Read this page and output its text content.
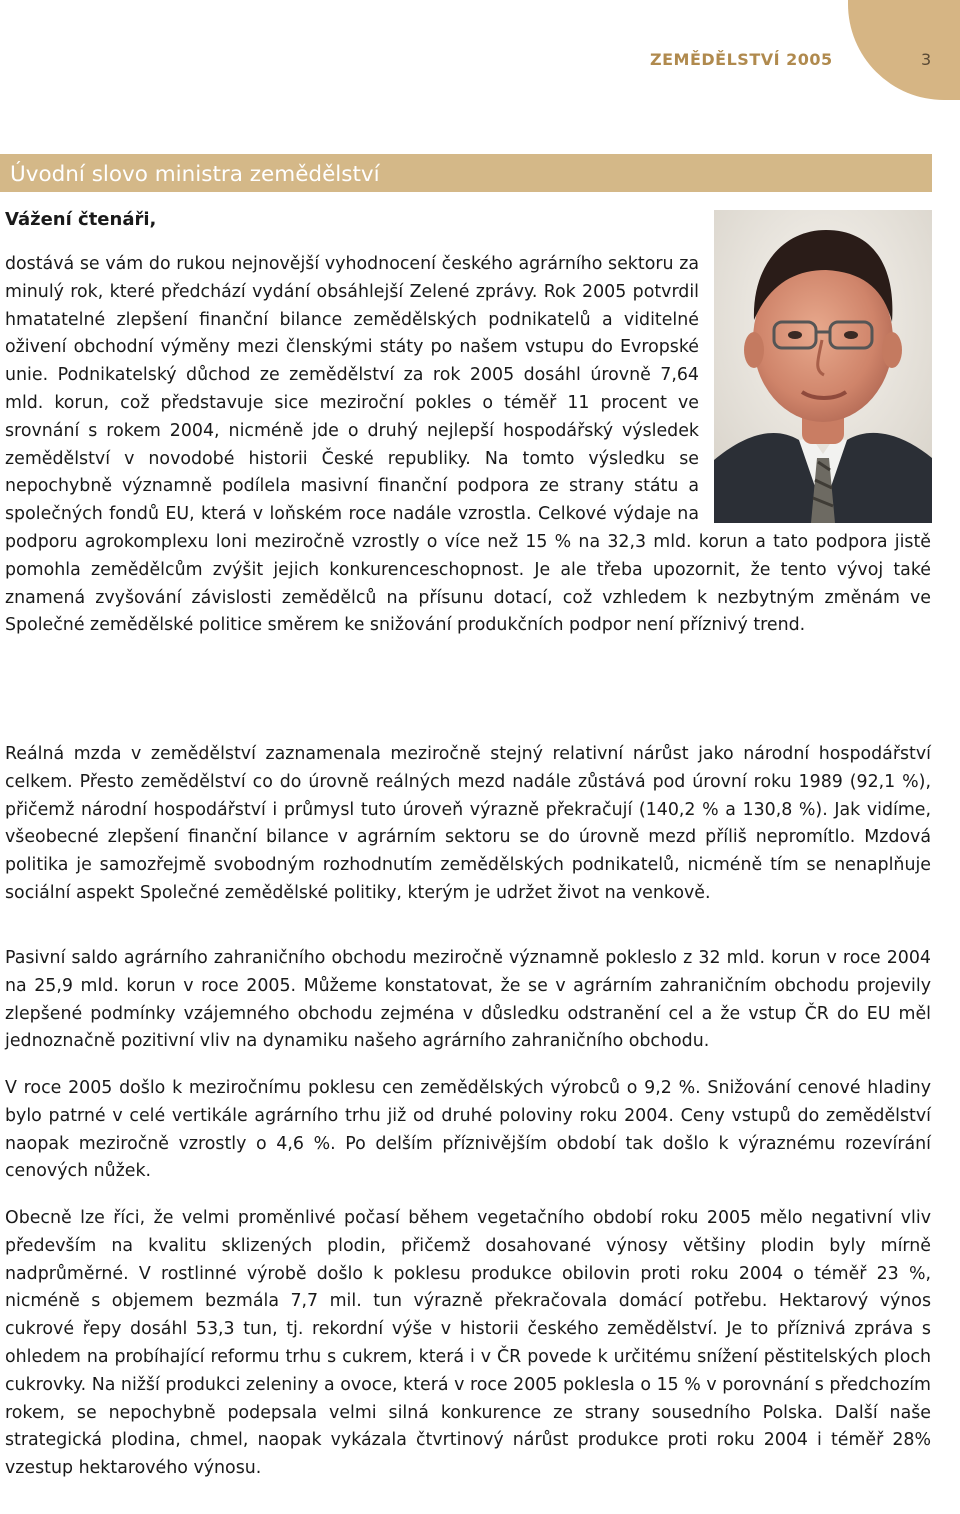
ZEMĚDĚLSTVÍ 2005	3
Úvodní slovo ministra zemědělství
Vážení čtenáři,

dostává se vám do rukou nejnovější vyhodnocení českého agrárního sektoru za minulý rok, které předchází vydání obsáhlejší Zelené zprávy. Rok 2005 potvrdil hmatatelné zlepšení finanční bilance zemědělských podnikatelů a viditelné oživení obchodní výměny mezi členskými státy po našem vstupu do Evropské unie. Podnikatelský důchod ze zemědělství za rok 2005 dosáhl úrovně 7,64 mld. korun, což představuje sice meziroční pokles o téměř 11 procent ve srovnání s rokem 2004, nicméně jde o druhý nejlepší hospodářský výsledek zemědělství v novodobé historii České republiky. Na tomto výsledku se nepochybně významně podílela masivní finanční podpora ze strany státu a společných fondů EU, která v loňském roce nadále vzrostla. Celkové výdaje na podporu agrokomplexu loni meziročně vzrostly o více než 15 % na 32,3 mld. korun a tato podpora jistě pomohla zemědělcům zvýšit jejich konkurenceschopnost. Je ale třeba upozornit, že tento vývoj také znamená zvyšování závislosti zemědělců na přísunu dotací, což vzhledem k nezbytným změnám ve Společné zemědělské politice směrem ke snižování produkčních podpor není příznivý trend.

Reálná mzda v zemědělství zaznamenala meziročně stejný relativní nárůst jako národní hospodářství celkem. Přesto zemědělství co do úrovně reálných mezd nadále zůstává pod úrovní roku 1989 (92,1 %), přičemž národní hospodářství i průmysl tuto úroveň výrazně překračují (140,2 % a 130,8 %). Jak vidíme, všeobecné zlepšení finanční bilance v agrárním sektoru se do úrovně mezd příliš nepromítlo. Mzdová politika je samozřejmě svobodným rozhodnutím zemědělských podnikatelů, nicméně tím se nenaplňuje sociální aspekt Společné zemědělské politiky, kterým je udržet život na venkově.

Pasivní saldo agrárního zahraničního obchodu meziročně významně pokleslo z 32 mld. korun v roce 2004 na 25,9 mld. korun v roce 2005. Můžeme konstatovat, že se v agrárním zahraničním obchodu projevily zlepšené podmínky vzájemného obchodu zejména v důsledku odstranění cel a že vstup ČR do EU měl jednoznačně pozitivní vliv na dynamiku našeho agrárního zahraničního obchodu.

V roce 2005 došlo k meziročnímu poklesu cen zemědělských výrobců o 9,2 %. Snižování cenové hladiny bylo patrné v celé vertikále agrárního trhu již od druhé poloviny roku 2004. Ceny vstupů do zemědělství naopak meziročně vzrostly o 4,6 %. Po delším příznivějším období tak došlo k výraznému rozevírání cenových nůžek.

Obecně lze říci, že velmi proměnlivé počasí během vegetačního období roku 2005 mělo negativní vliv především na kvalitu sklizených plodin, přičemž dosahované výnosy většiny plodin byly mírně nadprůměrné. V rostlinné výrobě došlo k poklesu produkce obilovin proti roku 2004 o téměř 23 %, nicméně s objemem bezmála 7,7 mil. tun výrazně překračovala domácí potřebu. Hektarový výnos cukrové řepy dosáhl 53,3 tun, tj. rekordní výše v historii českého zemědělství. Je to příznivá zpráva s ohledem na probíhající reformu trhu s cukrem, která i v ČR povede k určitému snížení pěstitelských ploch cukrovky. Na nižší produkci zeleniny a ovoce, která v roce 2005 poklesla o 15 % v porovnání s předchozím rokem, se nepochybně podepsala velmi silná konkurence ze strany sousedního Polska. Další naše strategická plodina, chmel, naopak vykázala čtvrtinový nárůst produkce proti roku 2004 i téměř 28% vzestup hektarového výnosu.
